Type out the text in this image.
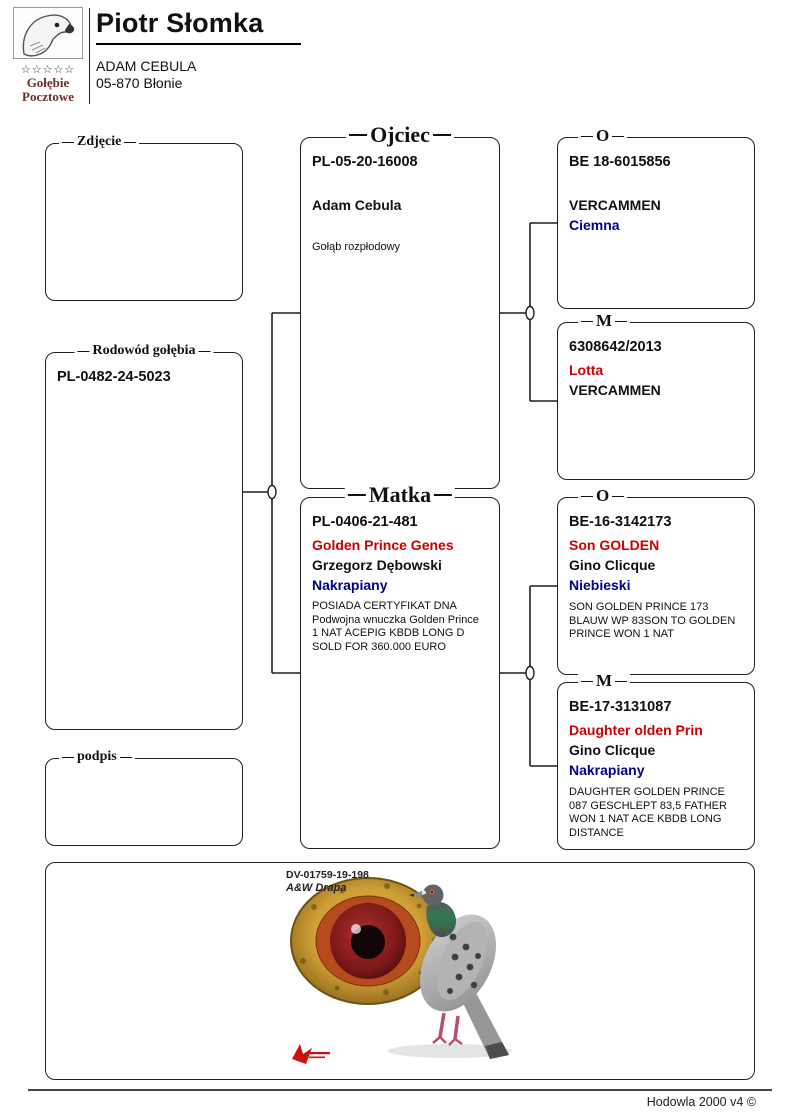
☆☆☆☆☆
Gołębie
Pocztowe
Piotr Słomka
ADAM CEBULA
05-870 Błonie
Zdjęcie
Rodowód gołębia
PL-0482-24-5023
podpis
Ojciec
PL-05-20-16008
Adam Cebula
Gołąb rozpłodowy
Matka
PL-0406-21-481
Golden Prince Genes
Grzegorz Dębowski
Nakrapiany
POSIADA CERTYFIKAT DNA
Podwojna wnuczka Golden Prince
1 NAT ACEPIG KBDB LONG D
SOLD FOR 360.000 EURO
O
BE 18-6015856
VERCAMMEN
Ciemna
M
6308642/2013
Lotta
VERCAMMEN
O
BE-16-3142173
Son GOLDEN
Gino Clicque
Niebieski
SON GOLDEN PRINCE 173 BLAUW WP 83SON TO GOLDEN PRINCE WON 1 NAT
M
BE-17-3131087
Daughter olden Prin
Gino Clicque
Nakrapiany
DAUGHTER GOLDEN PRINCE 087 GESCHLEPT 83,5 FATHER WON 1 NAT ACE KBDB LONG DISTANCE
DV-01759-19-198
A&W Drapa
Hodowla 2000 v4 ©
